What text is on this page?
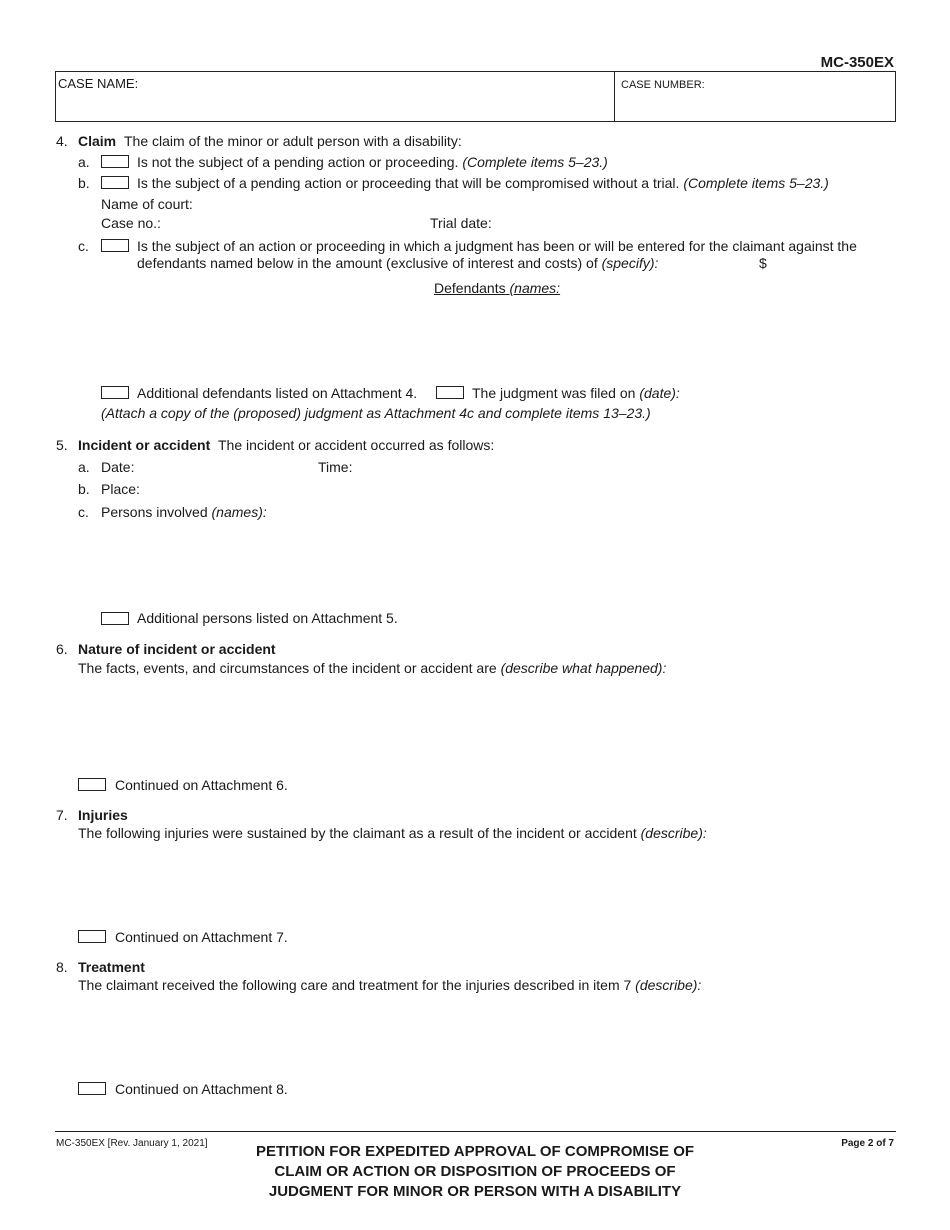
MC-350EX
CASE NAME:	CASE NUMBER:
4. Claim The claim of the minor or adult person with a disability:
a.	Is not the subject of a pending action or proceeding. (Complete items 5–23.)
b.	Is the subject of a pending action or proceeding that will be compromised without a trial. (Complete items 5–23.)
Name of court:
Case no.:	Trial date:
c.	Is the subject of an action or proceeding in which a judgment has been or will be entered for the claimant against the
defendants named below in the amount (exclusive of interest and costs) of (specify):	$
Defendants (names:
Additional defendants listed on Attachment 4.	The judgment was filed on (date):
(Attach a copy of the (proposed) judgment as Attachment 4c and complete items 13–23.)
5. Incident or accident The incident or accident occurred as follows:
a. Date:	Time:
b. Place:
c. Persons involved (names):
Additional persons listed on Attachment 5.
6. Nature of incident or accident
The facts, events, and circumstances of the incident or accident are (describe what happened):
Continued on Attachment 6.
7. Injuries
The following injuries were sustained by the claimant as a result of the incident or accident (describe):
Continued on Attachment 7.
8. Treatment
The claimant received the following care and treatment for the injuries described in item 7 (describe):
Continued on Attachment 8.
MC-350EX [Rev. January 1, 2021]	Page 2 of 7
PETITION FOR EXPEDITED APPROVAL OF COMPROMISE OF
CLAIM OR ACTION OR DISPOSITION OF PROCEEDS OF
JUDGMENT FOR MINOR OR PERSON WITH A DISABILITY
